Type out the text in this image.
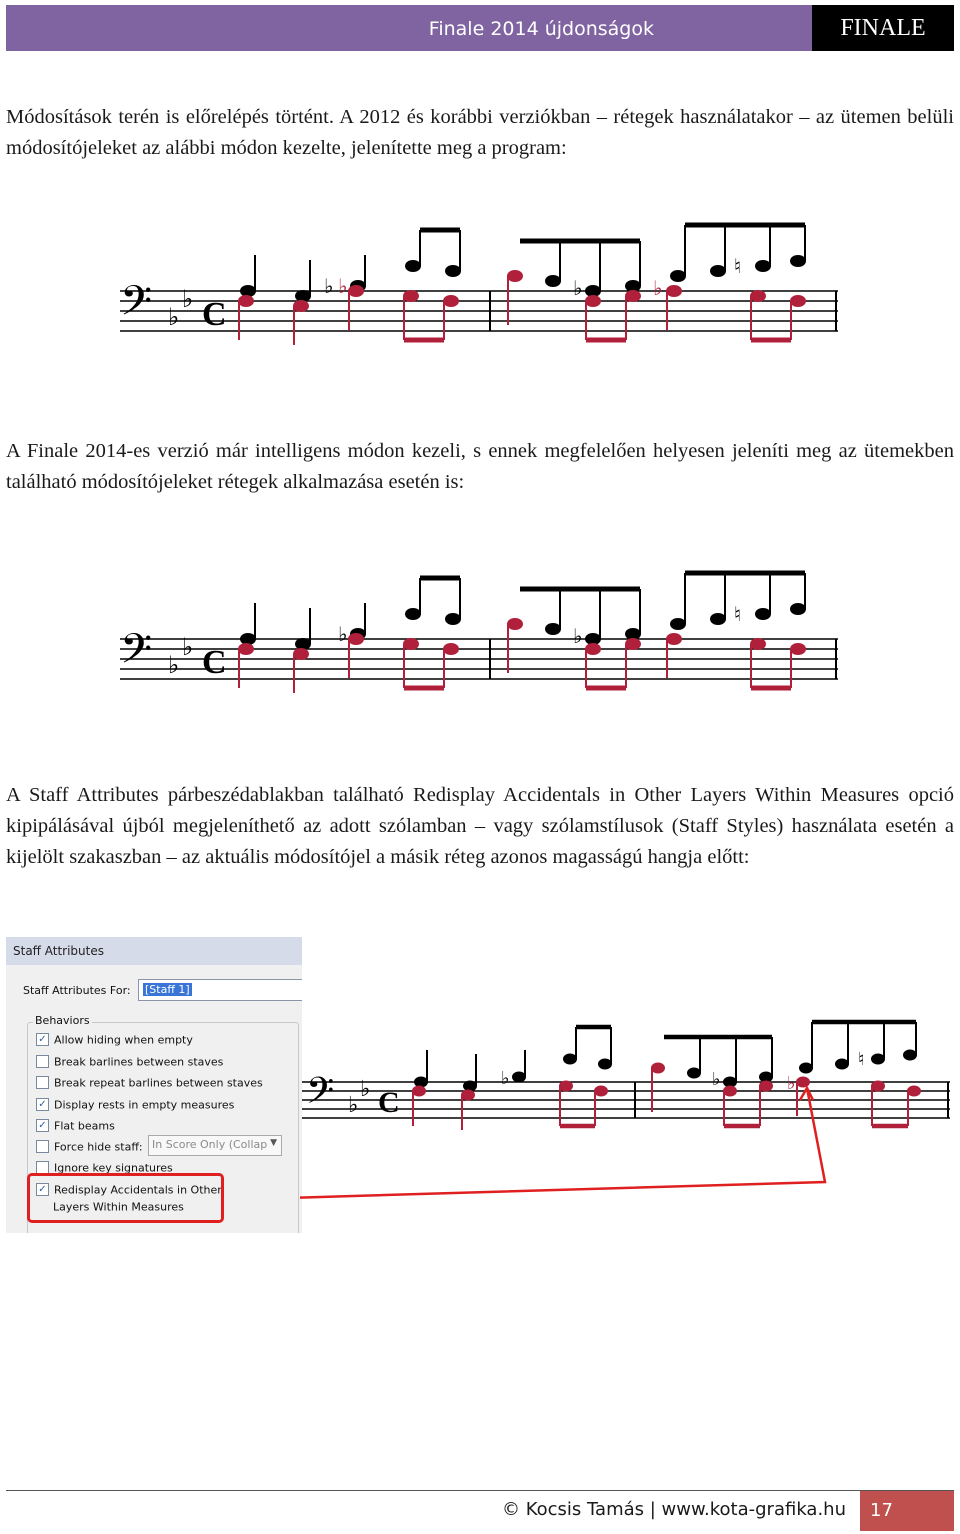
Finale 2014 újdonságok	FINALE

Módosítások terén is előrelépés történt. A 2012 és korábbi verziókban – rétegek használatakor – az ütemen belüli módosítójeleket az alábbi módon kezelte, jelenítette meg a program:

𝄢 ♭
♭ C
♭ ♭	♭	♭
♮

A Finale 2014-es verzió már intelligens módon kezeli, s ennek megfelelően helyesen jeleníti meg az ütemekben található módosítójeleket rétegek alkalmazása esetén is:

𝄢 ♭
♭ C
♭	♭
♮

A Staff Attributes párbeszédablakban található Redisplay Accidentals in Other Layers Within Measures opció kipipálásával újból megjeleníthető az adott szólamban – vagy szólamstílusok (Staff Styles) használata esetén a kijelölt szakaszban – az aktuális módosítójel a másik réteg azonos magasságú hangja előtt:

Staff Attributes
Staff Attributes For: [Staff 1]
Behaviors
✓ Allow hiding when empty
Break barlines between staves
Break repeat barlines between staves
✓ Display rests in empty measures
✓ Flat beams
Force hide staff: In Score Only (Collap ▼
Ignore key signatures
✓ Redisplay Accidentals in Other
Layers Within Measures
𝄢 ♭
♭ C
♭	♭	♭
♮
© Kocsis Tamás | www.kota-grafika.hu	17
